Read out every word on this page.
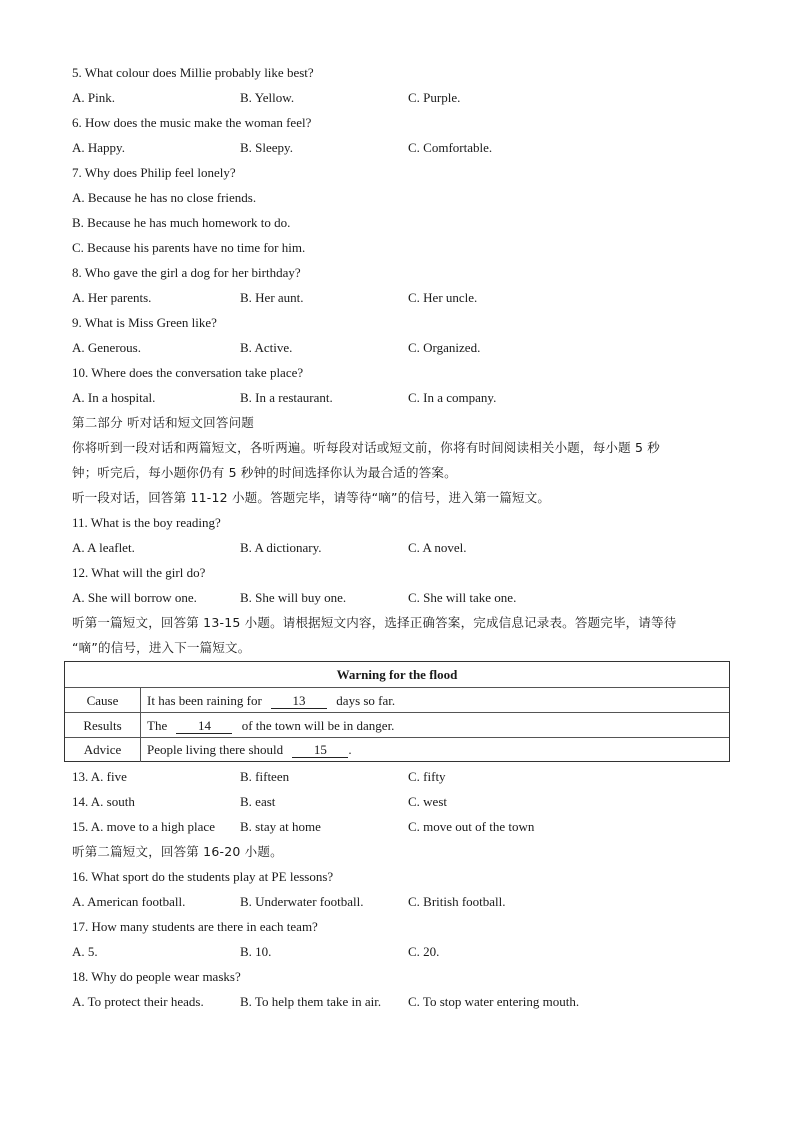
5. What colour does Millie probably like best?
A. Pink.	B. Yellow.	C. Purple.
6. How does the music make the woman feel?
A. Happy.	B. Sleepy.	C. Comfortable.
7. Why does Philip feel lonely?
A. Because he has no close friends.
B. Because he has much homework to do.
C. Because his parents have no time for him.
8. Who gave the girl a dog for her birthday?
A. Her parents.	B. Her aunt.	C. Her uncle.
9. What is Miss Green like?
A. Generous.	B. Active.	C. Organized.
10. Where does the conversation take place?
A. In a hospital.	B. In a restaurant.	C. In a company.
第二部分 听对话和短文回答问题
你将听到一段对话和两篇短文，各听两遍。听每段对话或短文前，你将有时间阅读相关小题，每小题 5 秒
钟；听完后，每小题你仍有 5 秒钟的时间选择你认为最合适的答案。
听一段对话，回答第 11-12 小题。答题完毕，请等待“嘀”的信号，进入第一篇短文。
11. What is the boy reading?
A. A leaflet.	B. A dictionary.	C. A novel.
12. What will the girl do?
A. She will borrow one.	B. She will buy one.	C. She will take one.
听第一篇短文，回答第 13-15 小题。请根据短文内容，选择正确答案，完成信息记录表。答题完毕，请等待
“嘀”的信号，进入下一篇短文。
Warning for the flood
Cause	It has been raining for 13 days so far.
Results	The 14 of the town will be in danger.
Advice	People living there should 15 .
13. A. five	B. fifteen	C. fifty
14. A. south	B. east	C. west
15. A. move to a high place B. stay at home	C. move out of the town
听第二篇短文，回答第 16-20 小题。
16. What sport do the students play at PE lessons?
A. American football.	B. Underwater football.	C. British football.
17. How many students are there in each team?
A. 5.	B. 10.	C. 20.
18. Why do people wear masks?
A. To protect their heads.	B. To help them take in air. C. To stop water entering mouth.
